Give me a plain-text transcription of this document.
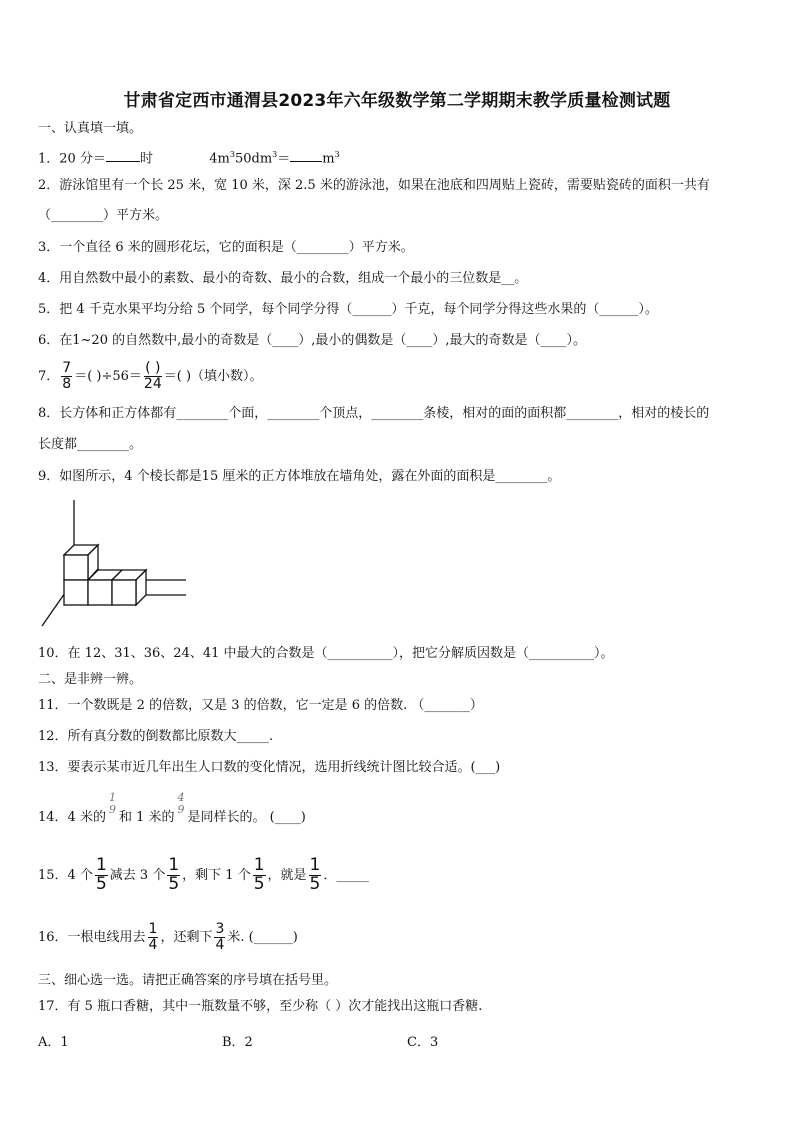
甘肃省定西市通渭县2023年六年级数学第二学期期末教学质量检测试题
一、认真填一填。
1．20 分＝	时	$4m^350dm^3= m^3$
2．游泳馆里有一个长 25 米，宽 10 米，深 2.5 米的游泳池，如果在池底和四周贴上瓷砖，需要贴瓷砖的面积一共有
（________）平方米。
3．一个直径 6 米的圆形花坛，它的面积是（________）平方米。
4．用自然数中最小的素数、最小的奇数、最小的合数，组成一个最小的三位数是__。
5．把 4 千克水果平均分给 5 个同学，每个同学分得（______）千克，每个同学分得这些水果的（______）。
6．在1~20 的自然数中,最小的奇数是（____）,最小的偶数是（____）,最大的奇数是（____）。
7． $\frac{7}{8}$ ＝( )$\div 56= \frac{( )}{24}$ ＝( )（填小数）。
8．长方体和正方体都有________个面，________个顶点，________条棱，相对的面的面积都________，相对的棱长的
长度都________。
9．如图所示，4 个棱长都是15 厘米的正方体堆放在墙角处，露在外面的面积是________。
10．在 12、31、36、24、41 中最大的合数是（__________），把它分解质因数是（__________）。
二、是非辨一辨。
11．一个数既是 2 的倍数，又是 3 的倍数，它一定是 6 的倍数. （_______）
12．所有真分数的倒数都比原数大_____.
13．要表示某市近几年出生人口数的变化情况，选用折线统计图比较合适。(___)
14．4 米的
1
9
和 1 米的
4
9
是同样长的。 (____)
15．4 个 $\frac{1}{5}$ 减去 3 个 $\frac{1}{5}$ ，剩下 1 个 $\frac{1}{5}$ ，就是 $\frac{1}{5}$ ．_____
16．一根电线用去 $\frac{1}{4}$ ，还剩下 $\frac{3}{4}$ 米. (______)
三、细心选一选。请把正确答案的序号填在括号里。
17．有 5 瓶口香糖，其中一瓶数量不够，至少称（ ）次才能找出这瓶口香糖.
A．1	B．2	C．3
